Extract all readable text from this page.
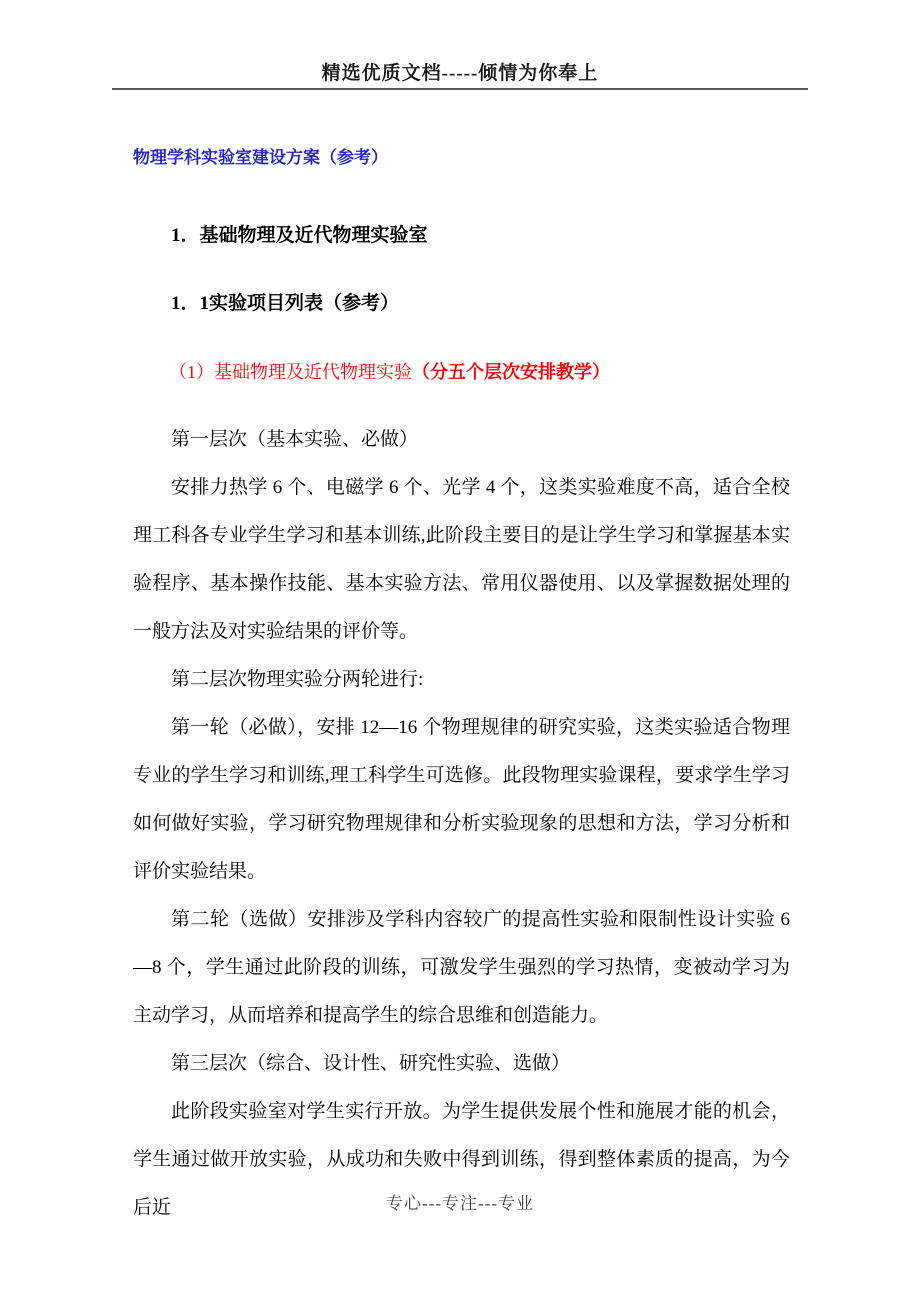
精选优质文档-----倾情为你奉上

物理学科实验室建设方案（参考）

1．基础物理及近代物理实验室

1．1实验项目列表（参考）

（1）基础物理及近代物理实验（分五个层次安排教学）

第一层次（基本实验、必做）

安排力热学 6 个、电磁学 6 个、光学 4 个，这类实验难度不高，适合全校理工科各专业学生学习和基本训练,此阶段主要目的是让学生学习和掌握基本实验程序、基本操作技能、基本实验方法、常用仪器使用、以及掌握数据处理的一般方法及对实验结果的评价等。

第二层次物理实验分两轮进行:

第一轮（必做），安排 12—16 个物理规律的研究实验，这类实验适合物理专业的学生学习和训练,理工科学生可选修。此段物理实验课程，要求学生学习如何做好实验，学习研究物理规律和分析实验现象的思想和方法，学习分析和评价实验结果。

第二轮（选做）安排涉及学科内容较广的提高性实验和限制性设计实验 6—8 个，学生通过此阶段的训练，可激发学生强烈的学习热情，变被动学习为主动学习，从而培养和提高学生的综合思维和创造能力。

第三层次（综合、设计性、研究性实验、选做）

此阶段实验室对学生实行开放。为学生提供发展个性和施展才能的机会，学生通过做开放实验，从成功和失败中得到训练，得到整体素质的提高，为今后近	专心---专注---专业
